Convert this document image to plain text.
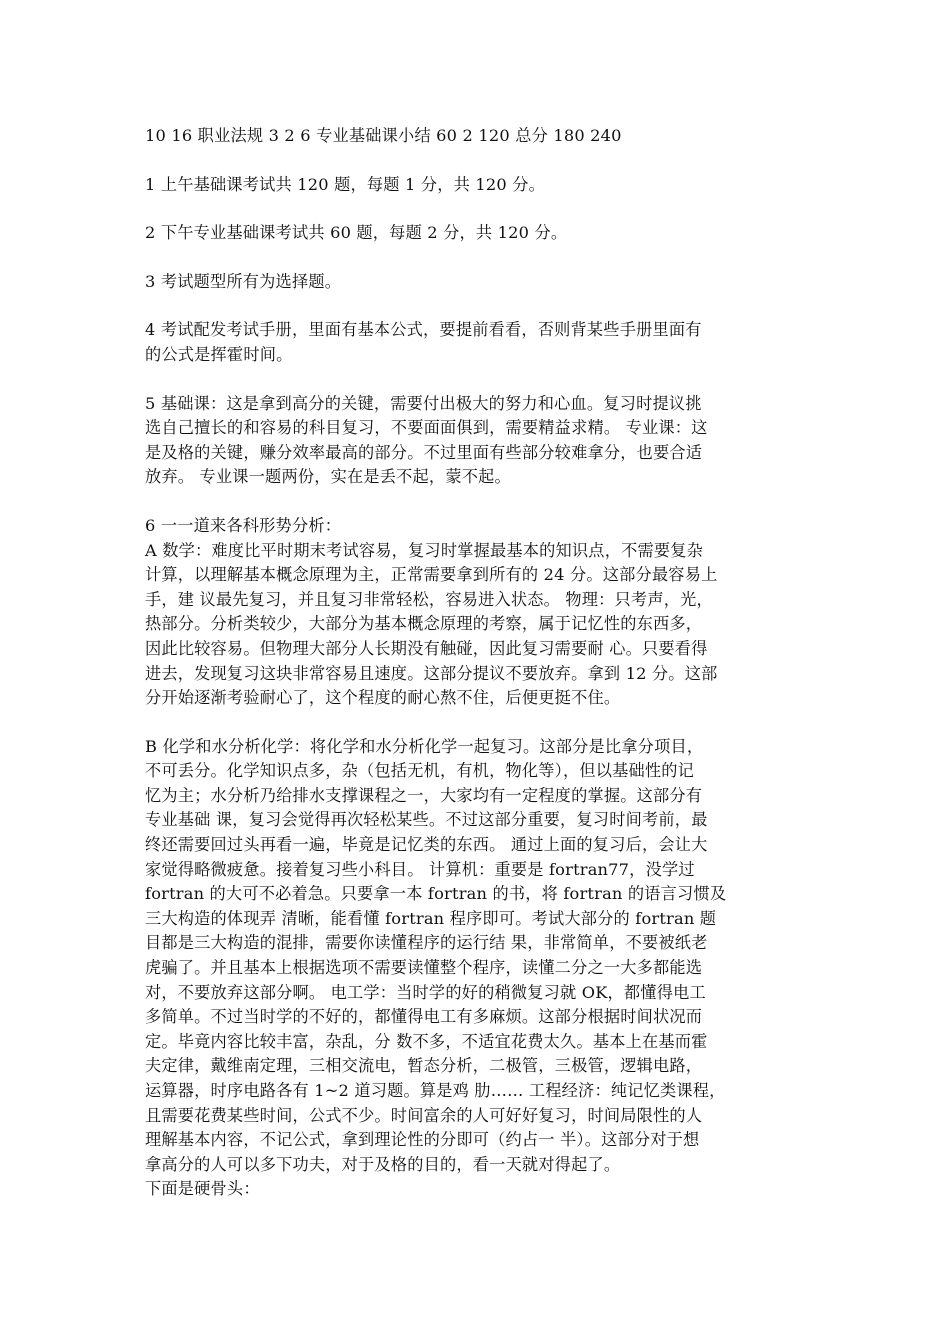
10 16 职业法规 3 2 6 专业基础课小结 60 2 120 总分 180 240
1 上午基础课考试共 120 题，每题 1 分，共 120 分。
2 下午专业基础课考试共 60 题，每题 2 分，共 120 分。
3 考试题型所有为选择题。
4 考试配发考试手册，里面有基本公式，要提前看看，否则背某些手册里面有
的公式是挥霍时间。
5 基础课：这是拿到高分的关键，需要付出极大的努力和心血。复习时提议挑
选自己擅长的和容易的科目复习，不要面面俱到，需要精益求精。 专业课：这
是及格的关键，赚分效率最高的部分。不过里面有些部分较难拿分，也要合适
放弃。 专业课一题两份，实在是丢不起，蒙不起。
6 一一道来各科形势分析：
A 数学：难度比平时期末考试容易，复习时掌握最基本的知识点，不需要复杂
计算，以理解基本概念原理为主，正常需要拿到所有的 24 分。这部分最容易上
手，建 议最先复习，并且复习非常轻松，容易进入状态。 物理：只考声，光，
热部分。分析类较少，大部分为基本概念原理的考察，属于记忆性的东西多，
因此比较容易。但物理大部分人长期没有触碰，因此复习需要耐 心。只要看得
进去，发现复习这块非常容易且速度。这部分提议不要放弃。拿到 12 分。这部
分开始逐渐考验耐心了，这个程度的耐心熬不住，后便更挺不住。
B 化学和水分析化学：将化学和水分析化学一起复习。这部分是比拿分项目，
不可丢分。化学知识点多，杂（包括无机，有机，物化等），但以基础性的记
忆为主；水分析乃给排水支撑课程之一，大家均有一定程度的掌握。这部分有
专业基础 课，复习会觉得再次轻松某些。不过这部分重要，复习时间考前，最
终还需要回过头再看一遍，毕竟是记忆类的东西。 通过上面的复习后，会让大
家觉得略微疲惫。接着复习些小科目。 计算机：重要是 fortran77，没学过
fortran 的大可不必着急。只要拿一本 fortran 的书，将 fortran 的语言习惯及
三大构造的体现弄 清晰，能看懂 fortran 程序即可。考试大部分的 fortran 题
目都是三大构造的混排，需要你读懂程序的运行结 果，非常简单，不要被纸老
虎骗了。并且基本上根据选项不需要读懂整个程序，读懂二分之一大多都能选
对，不要放弃这部分啊。 电工学：当时学的好的稍微复习就 OK，都懂得电工
多简单。不过当时学的不好的，都懂得电工有多麻烦。这部分根据时间状况而
定。毕竟内容比较丰富，杂乱，分 数不多，不适宜花费太久。基本上在基而霍
夫定律，戴维南定理，三相交流电，暂态分析，二极管，三极管，逻辑电路，
运算器，时序电路各有 1~2 道习题。算是鸡 肋…… 工程经济：纯记忆类课程，
且需要花费某些时间，公式不少。时间富余的人可好好复习，时间局限性的人
理解基本内容，不记公式，拿到理论性的分即可（约占一 半）。这部分对于想
拿高分的人可以多下功夫，对于及格的目的，看一天就对得起了。
下面是硬骨头：
